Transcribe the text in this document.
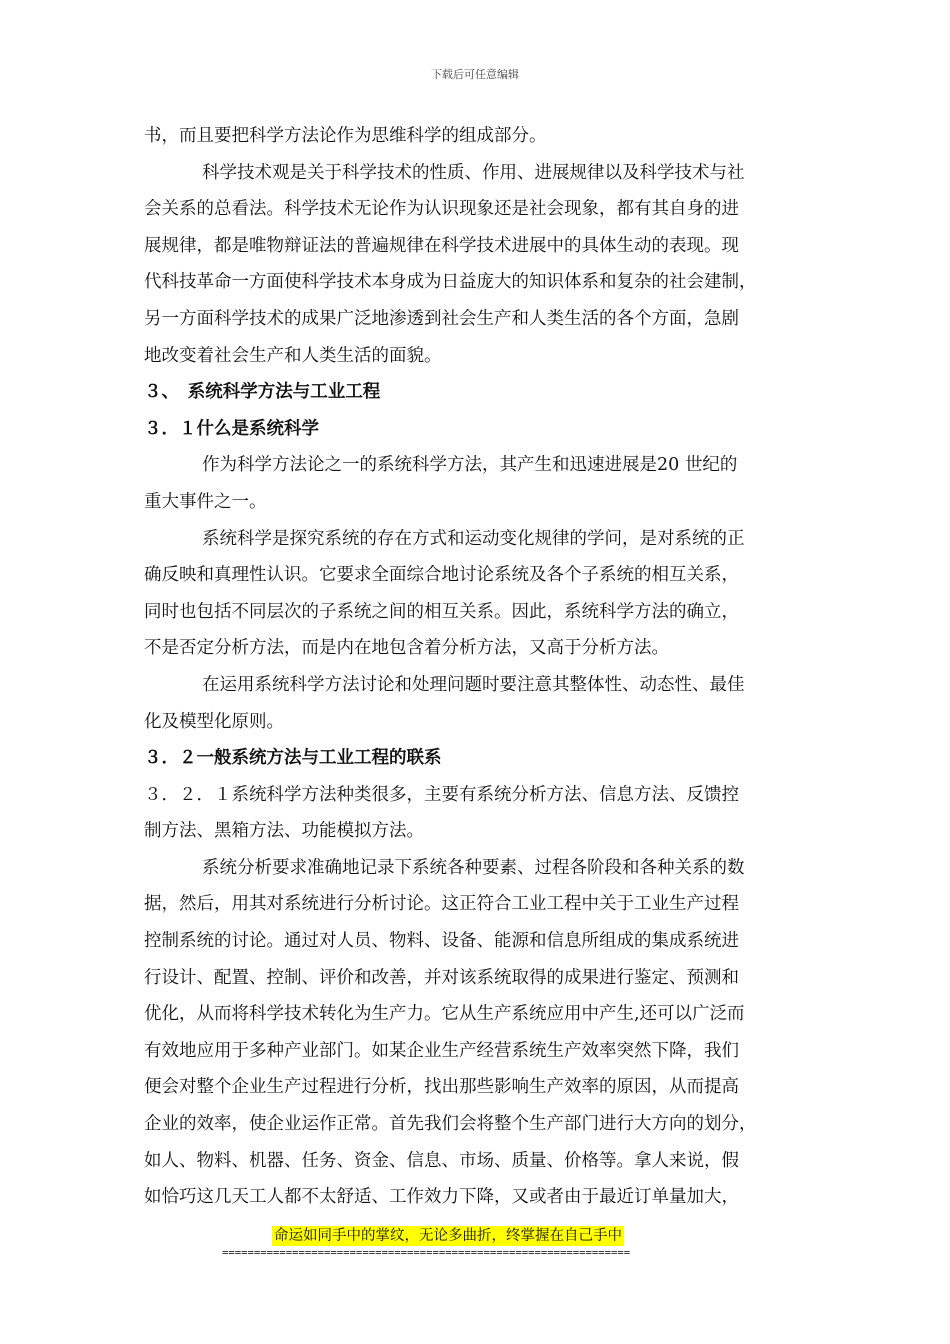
下载后可任意编辑
书，而且要把科学方法论作为思维科学的组成部分。
科学技术观是关于科学技术的性质、作用、进展规律以及科学技术与社
会关系的总看法。科学技术无论作为认识现象还是社会现象，都有其自身的进
展规律，都是唯物辩证法的普遍规律在科学技术进展中的具体生动的表现。现
代科技革命一方面使科学技术本身成为日益庞大的知识体系和复杂的社会建制，
另一方面科学技术的成果广泛地渗透到社会生产和人类生活的各个方面，急剧
地改变着社会生产和人类生活的面貌。
３、　系统科学方法与工业工程
３．１什么是系统科学
作为科学方法论之一的系统科学方法，其产生和迅速进展是20 世纪的
重大事件之一。
系统科学是探究系统的存在方式和运动变化规律的学问，是对系统的正
确反映和真理性认识。它要求全面综合地讨论系统及各个子系统的相互关系，
同时也包括不同层次的子系统之间的相互关系。因此，系统科学方法的确立，
不是否定分析方法，而是内在地包含着分析方法，又高于分析方法。
在运用系统科学方法讨论和处理问题时要注意其整体性、动态性、最佳
化及模型化原则。
３．２一般系统方法与工业工程的联系
３．２．１系统科学方法种类很多，主要有系统分析方法、信息方法、反馈控
制方法、黑箱方法、功能模拟方法。
系统分析要求准确地记录下系统各种要素、过程各阶段和各种关系的数
据，然后，用其对系统进行分析讨论。这正符合工业工程中关于工业生产过程
控制系统的讨论。通过对人员、物料、设备、能源和信息所组成的集成系统进
行设计、配置、控制、评价和改善，并对该系统取得的成果进行鉴定、预测和
优化，从而将科学技术转化为生产力。它从生产系统应用中产生,还可以广泛而
有效地应用于多种产业部门。如某企业生产经营系统生产效率突然下降，我们
便会对整个企业生产过程进行分析，找出那些影响生产效率的原因，从而提高
企业的效率，使企业运作正常。首先我们会将整个生产部门进行大方向的划分，
如人、物料、机器、任务、资金、信息、市场、质量、价格等。拿人来说，假
如恰巧这几天工人都不太舒适、工作效力下降，又或者由于最近订单量加大，
命运如同手中的掌纹，无论多曲折，终掌握在自己手中
================================================================
